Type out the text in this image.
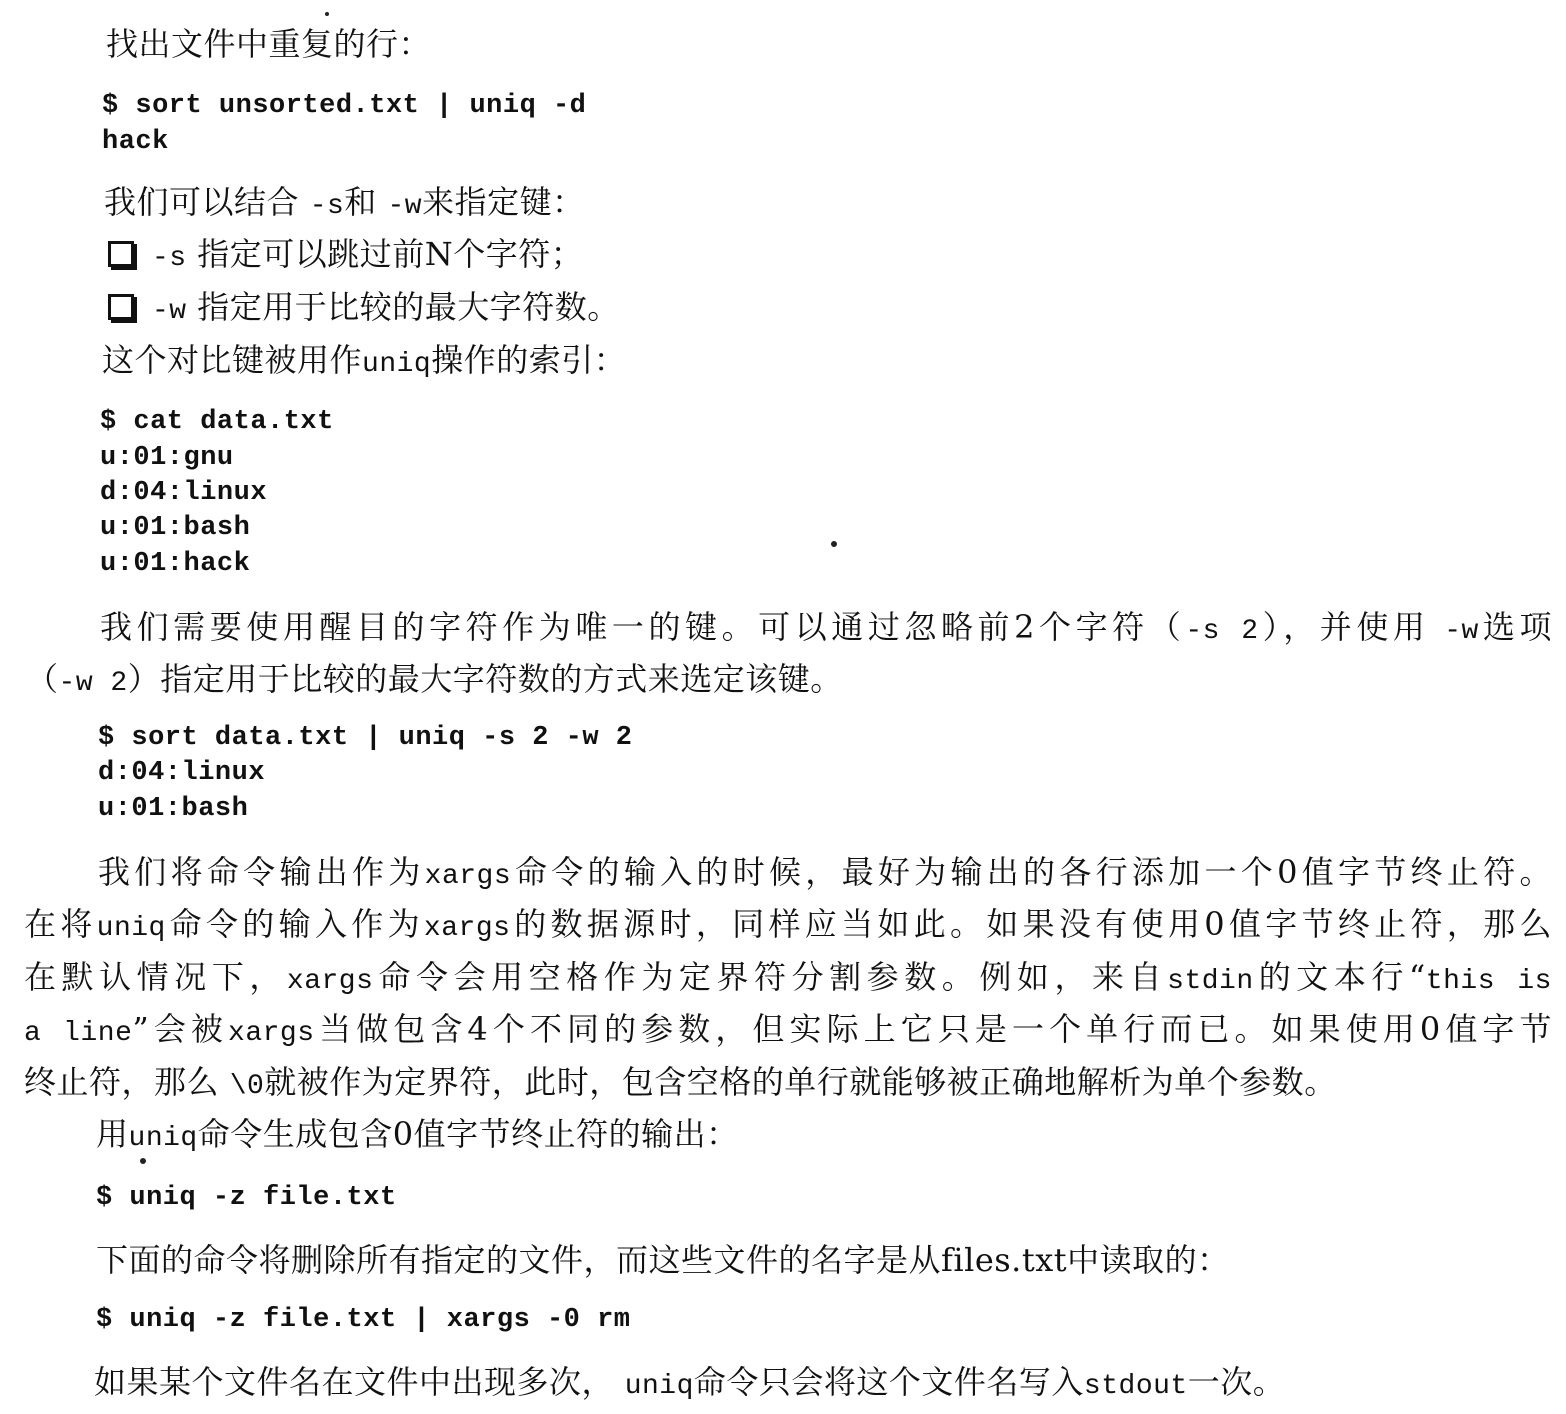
找出文件中重复的行：
$ sort unsorted.txt | uniq -d
hack
我们可以结合 -s和 -w来指定键：
-s 指定可以跳过前N个字符；
-w 指定用于比较的最大字符数。
这个对比键被用作uniq操作的索引：
$ cat data.txt
u:01:gnu
d:04:linux
u:01:bash
u:01:hack
我们需要使用醒目的字符作为唯一的键。可以通过忽略前2个字符（-s 2），并使用 -w选项
（-w 2）指定用于比较的最大字符数的方式来选定该键。
$ sort data.txt | uniq -s 2 -w 2
d:04:linux
u:01:bash
我们将命令输出作为xargs命令的输入的时候，最好为输出的各行添加一个0值字节终止符。
在将uniq命令的输入作为xargs的数据源时，同样应当如此。如果没有使用0值字节终止符，那么
在默认情况下，xargs命令会用空格作为定界符分割参数。例如，来自stdin的文本行“this is
a line”会被xargs当做包含4个不同的参数，但实际上它只是一个单行而已。如果使用0值字节
终止符，那么 \0就被作为定界符，此时，包含空格的单行就能够被正确地解析为单个参数。
用uniq命令生成包含0值字节终止符的输出：
$ uniq -z file.txt
下面的命令将删除所有指定的文件，而这些文件的名字是从files.txt中读取的：
$ uniq -z file.txt | xargs -0 rm
如果某个文件名在文件中出现多次， uniq命令只会将这个文件名写入stdout一次。
